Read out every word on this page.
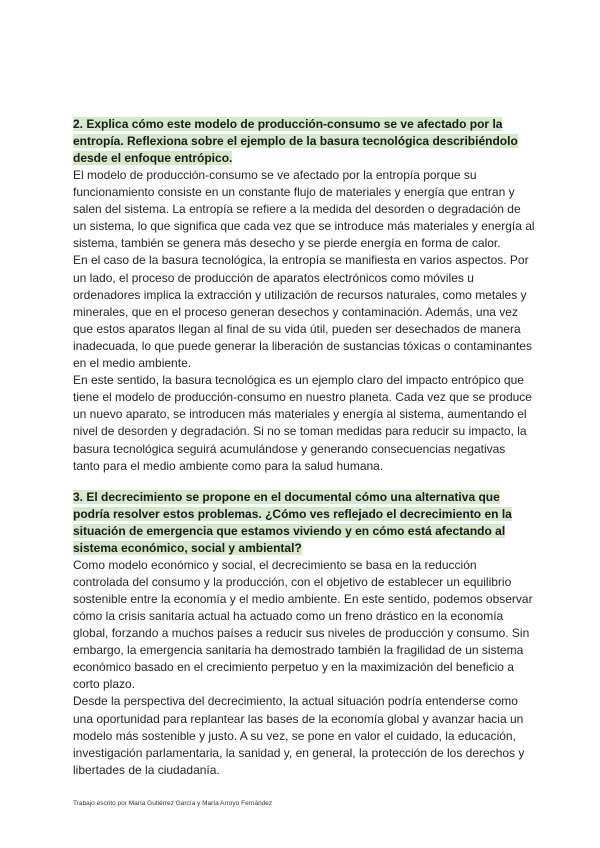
2. Explica cómo este modelo de producción-consumo se ve afectado por la entropía. Reflexiona sobre el ejemplo de la basura tecnológica describiéndolo desde el enfoque entrópico.

El modelo de producción-consumo se ve afectado por la entropía porque su funcionamiento consiste en un constante flujo de materiales y energía que entran y salen del sistema. La entropía se refiere a la medida del desorden o degradación de un sistema, lo que significa que cada vez que se introduce más materiales y energía al sistema, también se genera más desecho y se pierde energía en forma de calor.

En el caso de la basura tecnológica, la entropía se manifiesta en varios aspectos. Por un lado, el proceso de producción de aparatos electrónicos como móviles u ordenadores implica la extracción y utilización de recursos naturales, como metales y minerales, que en el proceso generan desechos y contaminación. Además, una vez que estos aparatos llegan al final de su vida útil, pueden ser desechados de manera inadecuada, lo que puede generar la liberación de sustancias tóxicas o contaminantes en el medio ambiente.

En este sentido, la basura tecnológica es un ejemplo claro del impacto entrópico que tiene el modelo de producción-consumo en nuestro planeta. Cada vez que se produce un nuevo aparato, se introducen más materiales y energía al sistema, aumentando el nivel de desorden y degradación. Si no se toman medidas para reducir su impacto, la basura tecnológica seguirá acumulándose y generando consecuencias negativas tanto para el medio ambiente como para la salud humana.

3. El decrecimiento se propone en el documental cómo una alternativa que podría resolver estos problemas. ¿Cómo ves reflejado el decrecimiento en la situación de emergencia que estamos viviendo y en cómo está afectando al sistema económico, social y ambiental?

Como modelo económico y social, el decrecimiento se basa en la reducción controlada del consumo y la producción, con el objetivo de establecer un equilibrio sostenible entre la economía y el medio ambiente. En este sentido, podemos observar cómo la crisis sanitaria actual ha actuado como un freno drástico en la economía global, forzando a muchos países a reducir sus niveles de producción y consumo. Sin embargo, la emergencia sanitaria ha demostrado también la fragilidad de un sistema económico basado en el crecimiento perpetuo y en la maximización del beneficio a corto plazo.

Desde la perspectiva del decrecimiento, la actual situación podría entenderse como una oportunidad para replantear las bases de la economía global y avanzar hacia un modelo más sostenible y justo. A su vez, se pone en valor el cuidado, la educación, investigación parlamentaria, la sanidad y, en general, la protección de los derechos y libertades de la ciudadanía.

Trabajo escrito por María Gutiérrez García y María Arroyo Fernández
